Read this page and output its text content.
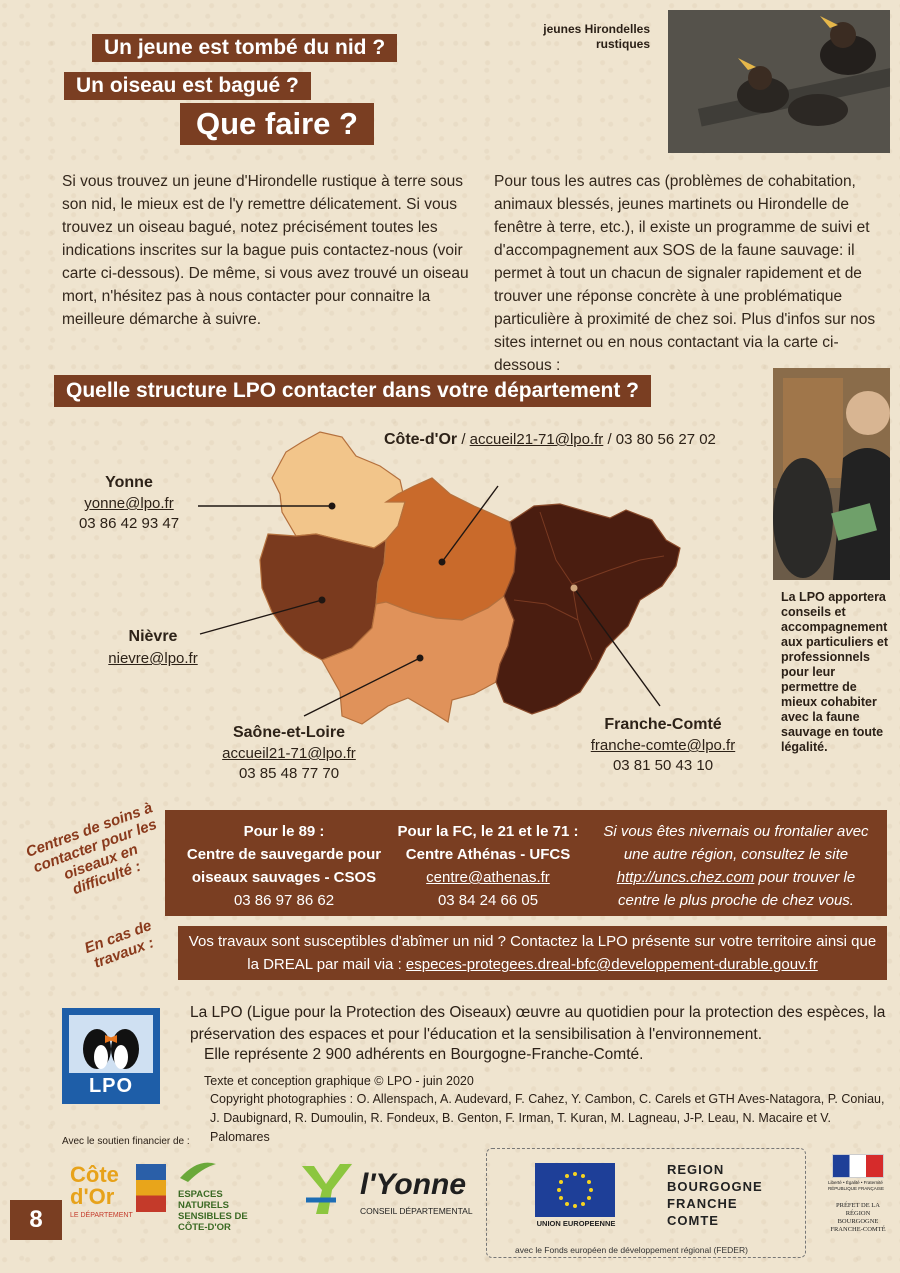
Un jeune est tombé du nid ?
Un oiseau est bagué ?
Que faire ?
jeunes Hirondelles rustiques
Si vous trouvez un jeune d'Hirondelle rustique à terre sous son nid, le mieux est de l'y remettre délicatement. Si vous trouvez un oiseau bagué, notez précisément toutes les indications inscrites sur la bague puis contactez-nous (voir carte ci-dessous). De même, si vous avez trouvé un oiseau mort, n'hésitez pas à nous contacter pour connaitre la meilleure démarche à suivre.
Pour tous les autres cas (problèmes de cohabitation, animaux blessés, jeunes martinets ou Hirondelle de fenêtre à terre, etc.), il existe un programme de suivi et d'accompagnement aux SOS de la faune sauvage: il permet à tout un chacun de signaler rapidement et de trouver une réponse concrète à une problématique particulière à proximité de chez soi. Plus d'infos sur nos sites internet ou en nous contactant via la carte ci-dessous :
Quelle structure LPO contacter dans votre département ?
La LPO apportera conseils et accompagnement aux particuliers et professionnels pour leur permettre de mieux cohabiter avec la faune sauvage en toute légalité.
Côte-d'Or / accueil21-71@lpo.fr / 03 80 56 27 02
Yonne
yonne@lpo.fr
03 86 42 93 47
Nièvre
nievre@lpo.fr
Saône-et-Loire
accueil21-71@lpo.fr
03 85 48 77 70
Franche-Comté
franche-comte@lpo.fr
03 81 50 43 10
Centres de soins à contacter pour les oiseaux en difficulté :
Pour le 89 :
Centre de sauvegarde pour oiseaux sauvages - CSOS
03 86 97 86 62
Pour la FC, le 21 et le 71 :
Centre Athénas - UFCS
centre@athenas.fr
03 84 24 66 05
Si vous êtes nivernais ou frontalier avec une autre région, consultez le site http://uncs.chez.com pour trouver le centre le plus proche de chez vous.
En cas de travaux :	Vos travaux sont susceptibles d'abîmer un nid ? Contactez la LPO présente sur votre territoire ainsi que la DREAL par mail via : especes-protegees.dreal-bfc@developpement-durable.gouv.fr
LPO
La LPO (Ligue pour la Protection des Oiseaux) œuvre au quotidien pour la protection des espèces, la préservation des espaces et pour l'éducation et la sensibilisation à l'environnement.
Elle représente 2 900 adhérents en Bourgogne-Franche-Comté.
Texte et conception graphique © LPO - juin 2020
Copyright photographies : O. Allenspach, A. Audevard, F. Cahez, Y. Cambon, C. Carels et GTH Aves-Natagora, P. Coniau, J. Daubignard, R. Dumoulin, R. Fondeux, B. Genton, F. Irman, T. Kuran, M. Lagneau, J-P. Leau, N. Macaire et V. Palomares
Avec le soutien financier de :
8
Côte d'Or
LE DÉPARTEMENT
ESPACES NATURELS SENSIBLES DE CÔTE-D'OR
l'Yonne
CONSEIL DÉPARTEMENTAL
UNION EUROPEENNE
REGION BOURGOGNE FRANCHE COMTE
avec le Fonds européen de développement régional (FEDER)
Liberté • Égalité • Fraternité RÉPUBLIQUE FRANÇAISE
PRÉFET DE LA RÉGION BOURGOGNE FRANCHE-COMTÉ
